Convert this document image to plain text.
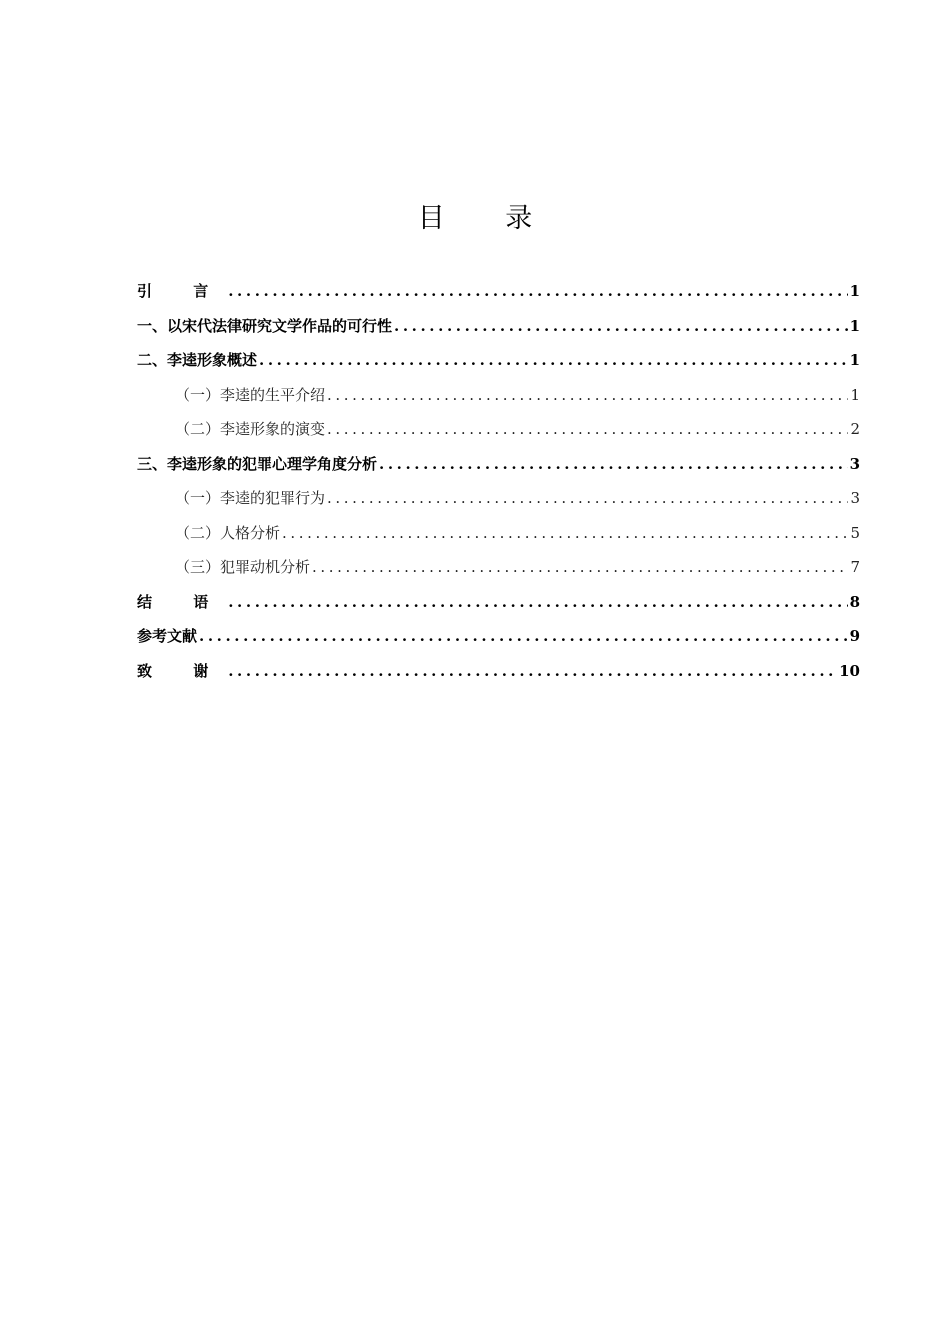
目 录
引 言 .....	1
一、以宋代法律研究文学作品的可行性 .....	1
二、李逵形象概述 .....	1
（一）李逵的生平介绍 .....	1
（二）李逵形象的演变 .....	2
三、李逵形象的犯罪心理学角度分析 .....	3
（一）李逵的犯罪行为 .....	3
（二）人格分析 .....	5
（三）犯罪动机分析 .....	7
结 语 .....	8
参考文献 .....	9
致 谢 .....	10
